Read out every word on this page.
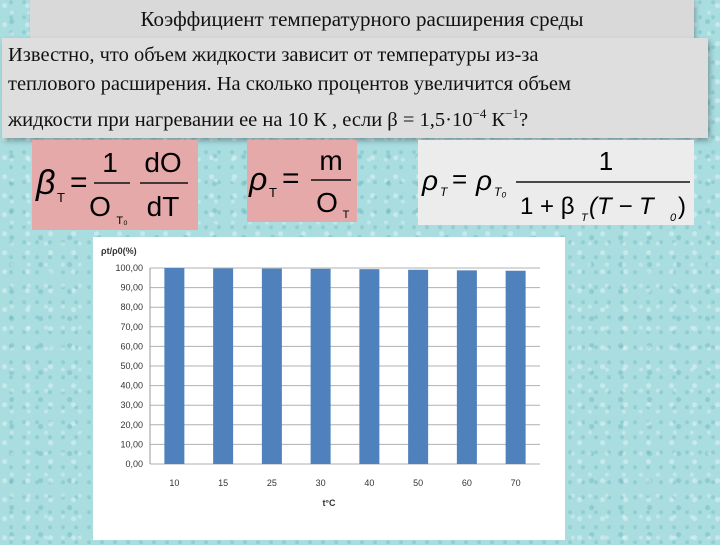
Коэффициент температурного расширения среды
Известно, что объем жидкости зависит от температуры из-за
теплового расширения. На сколько процентов увеличится объем
жидкости при нагревании ее на 10 К , если $\beta = 1,5\cdot 10^{-4}$ $К^{-1}$?
β T =
1
O T₀
dO
dT
ρ T =
m
O T
ρ T = ρ T₀
1
1 + β T (T − T 0 )
ρt/ρ0(%)
t°C
0,00
10,00
20,00
30,00
40,00
50,00
60,00
70,00
80,00
90,00
100,00
10	15	25	30	40	50	60	70
